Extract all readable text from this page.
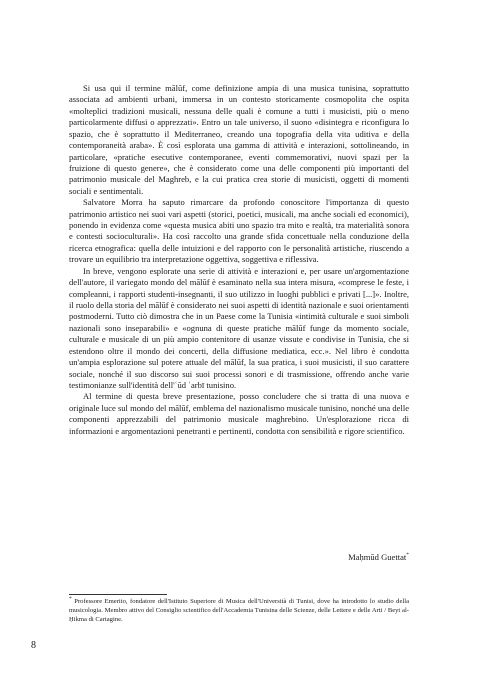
Si usa qui il termine mālūf, come definizione ampia di una musica tunisina, soprattutto associata ad ambienti urbani, immersa in un contesto storicamente cosmopolita che ospita «molteplici tradizioni musicali, nessuna delle quali è comune a tutti i musicisti, più o meno particolarmente diffusi o apprezzati». Entro un tale universo, il suono «disintegra e riconfigura lo spazio, che è soprattutto il Mediterraneo, creando una topografia della vita uditiva e della contemporaneità araba». È così esplorata una gamma di attività e interazioni, sottolineando, in particolare, «pratiche esecutive contemporanee, eventi commemorativi, nuovi spazi per la fruizione di questo genere», che è considerato come una delle componenti più importanti del patrimonio musicale del Maghreb, e la cui pratica crea storie di musicisti, oggetti di momenti sociali e sentimentali.

Salvatore Morra ha saputo rimarcare da profondo conoscitore l'importanza di questo patrimonio artistico nei suoi vari aspetti (storici, poetici, musicali, ma anche sociali ed economici), ponendo in evidenza come «questa musica abiti uno spazio tra mito e realtà, tra materialità sonora e contesti socioculturali». Ha così raccolto una grande sfida concettuale nella conduzione della ricerca etnografica: quella delle intuizioni e del rapporto con le personalità artistiche, riuscendo a trovare un equilibrio tra interpretazione oggettiva, soggettiva e riflessiva.

In breve, vengono esplorate una serie di attività e interazioni e, per usare un'argomentazione dell'autore, il variegato mondo del mālūf è esaminato nella sua intera misura, «comprese le feste, i compleanni, i rapporti studenti-insegnanti, il suo utilizzo in luoghi pubblici e privati [...]». Inoltre, il ruolo della storia del mālūf è considerato nei suoi aspetti di identità nazionale e suoi orientamenti postmoderni. Tutto ciò dimostra che in un Paese come la Tunisia «intimità culturale e suoi simboli nazionali sono inseparabili» e «ognuna di queste pratiche mālūf funge da momento sociale, culturale e musicale di un più ampio contenitore di usanze vissute e condivise in Tunisia, che si estendono oltre il mondo dei concerti, della diffusione mediatica, ecc.». Nel libro è condotta un'ampia esplorazione sul potere attuale del mālūf, la sua pratica, i suoi musicisti, il suo carattere sociale, nonché il suo discorso sui suoi processi sonori e di trasmissione, offrendo anche varie testimonianze sull'identità dell'ʿūd ʿarbī tunisino.

Al termine di questa breve presentazione, posso concludere che si tratta di una nuova e originale luce sul mondo del mālūf, emblema del nazionalismo musicale tunisino, nonché una delle componenti apprezzabili del patrimonio musicale maghrebino. Un'esplorazione ricca di informazioni e argomentazioni penetranti e pertinenti, condotta con sensibilità e rigore scientifico.

Maḥmūd Guettat*
* Professore Emerito, fondatore dell'Istituto Superiore di Musica dell'Università di Tunisi, dove ha introdotto lo studio della musicologia. Membro attivo del Consiglio scientifico dell'Accademia Tunisina delle Scienze, delle Lettere e delle Arti / Beyt al-Ḥikma di Cartagine.
8
